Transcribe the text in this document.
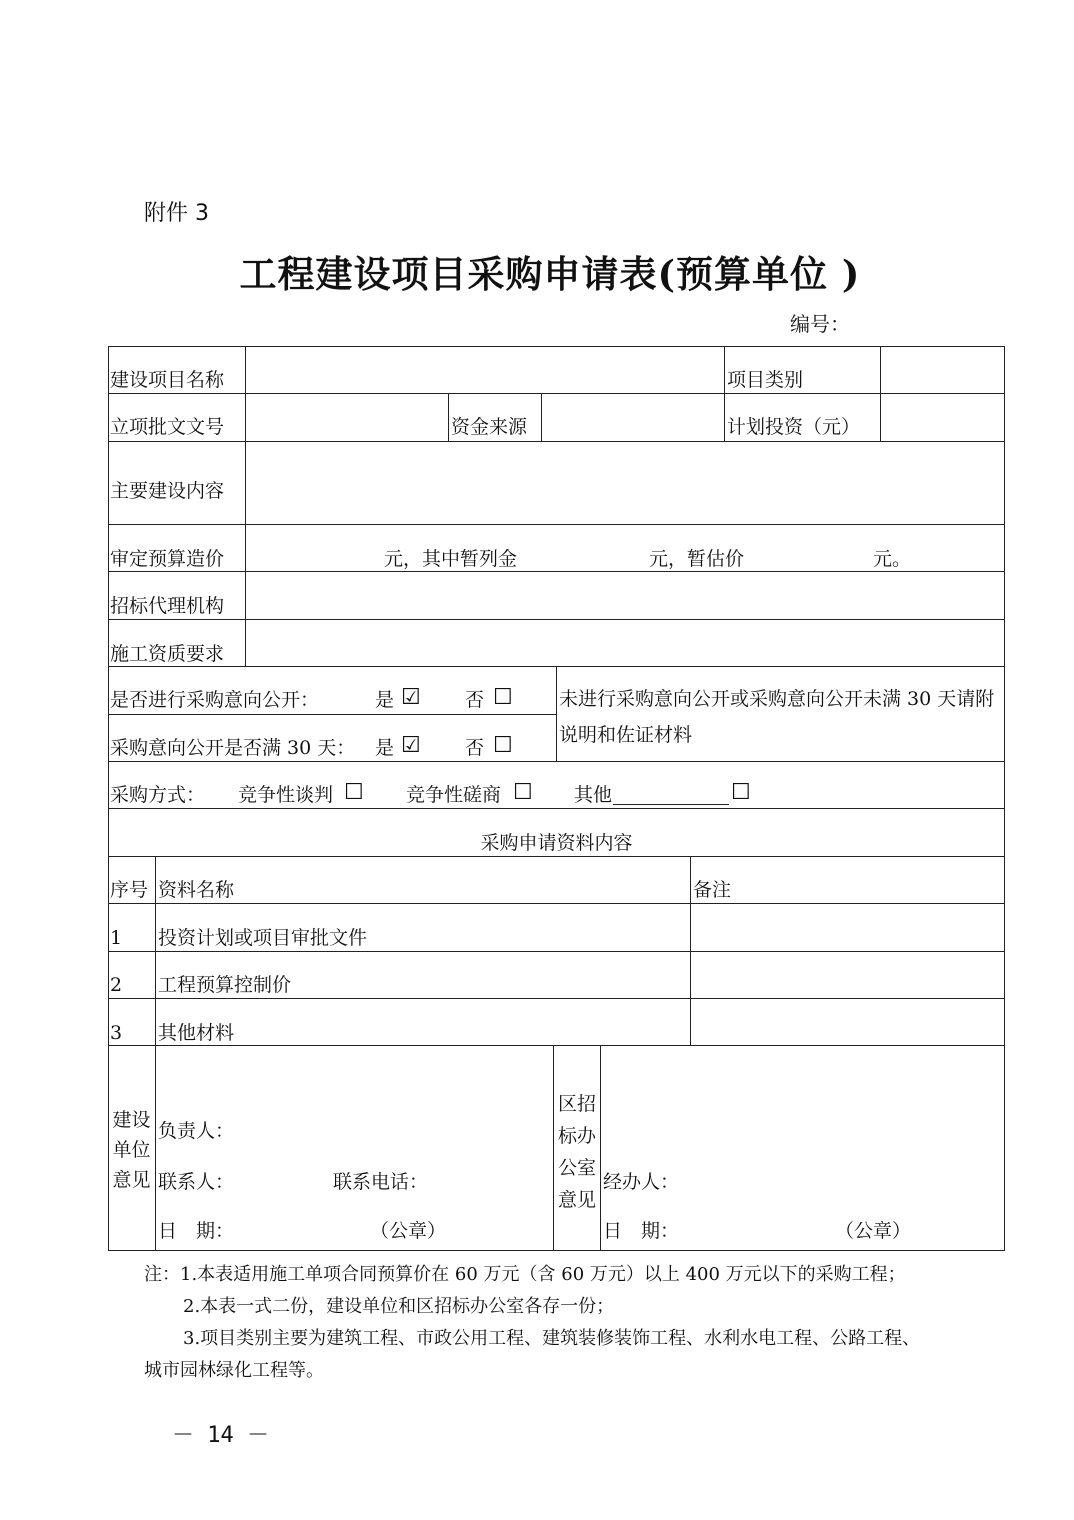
附件 3
工程建设项目采购申请表(预算单位 )
编号：
建设项目名称	项目类别
立项批文文号	资金来源	计划投资（元）
主要建设内容
审定预算造价	元，其中暂列金	元，暂估价	元。
招标代理机构
施工资质要求
是否进行采购意向公开：	是 ☑ 否 ☐
采购意向公开是否满 30 天： 是 ☑ 否 ☐
未进行采购意向公开或采购意向公开未满 30 天请附
说明和佐证材料
采购方式： 竞争性谈判 ☐ 竞争性磋商 ☐ 其他	☐
采购申请资料内容
序号 资料名称	备注
1 投资计划或项目审批文件
2 工程预算控制价
3 其他材料
建设
单位
意见
负责人：
联系人：	联系电话：
日　期：	（公章）
区招
标办
公室
意见
经办人：
日　期：	（公章）
注：1.本表适用施工单项合同预算价在 60 万元（含 60 万元）以上 400 万元以下的采购工程；
2.本表一式二份，建设单位和区招标办公室各存一份；
3.项目类别主要为建筑工程、市政公用工程、建筑装修装饰工程、水利水电工程、公路工程、
城市园林绿化工程等。
－ 14 －
